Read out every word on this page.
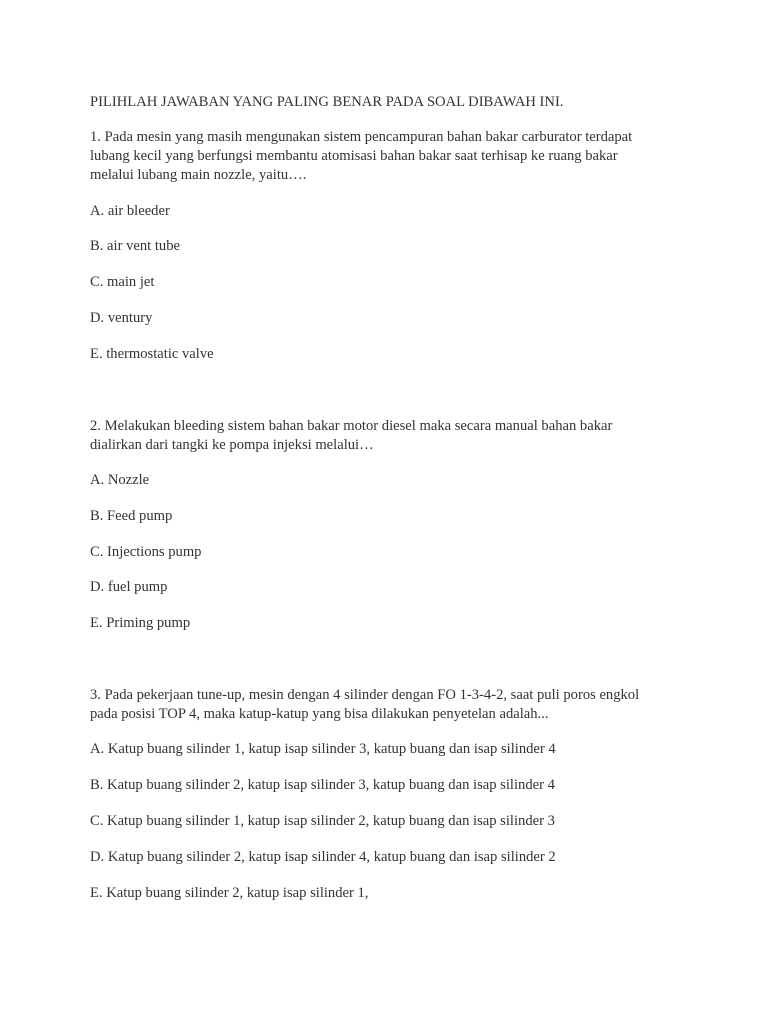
PILIHLAH JAWABAN YANG PALING BENAR PADA SOAL DIBAWAH INI.
1. Pada mesin yang masih mengunakan sistem pencampuran bahan bakar carburator terdapat
lubang kecil yang berfungsi membantu atomisasi bahan bakar saat terhisap ke ruang bakar
melalui lubang main nozzle, yaitu….
A. air bleeder
B. air vent tube
C. main jet
D. ventury
E. thermostatic valve
2. Melakukan bleeding sistem bahan bakar motor diesel maka secara manual bahan bakar
dialirkan dari tangki ke pompa injeksi melalui…
A. Nozzle
B. Feed pump
C. Injections pump
D. fuel pump
E. Priming pump
3. Pada pekerjaan tune-up, mesin dengan 4 silinder dengan FO 1-3-4-2, saat puli poros engkol
pada posisi TOP 4, maka katup-katup yang bisa dilakukan penyetelan adalah...
A. Katup buang silinder 1, katup isap silinder 3, katup buang dan isap silinder 4
B. Katup buang silinder 2, katup isap silinder 3, katup buang dan isap silinder 4
C. Katup buang silinder 1, katup isap silinder 2, katup buang dan isap silinder 3
D. Katup buang silinder 2, katup isap silinder 4, katup buang dan isap silinder 2
E. Katup buang silinder 2, katup isap silinder 1,
